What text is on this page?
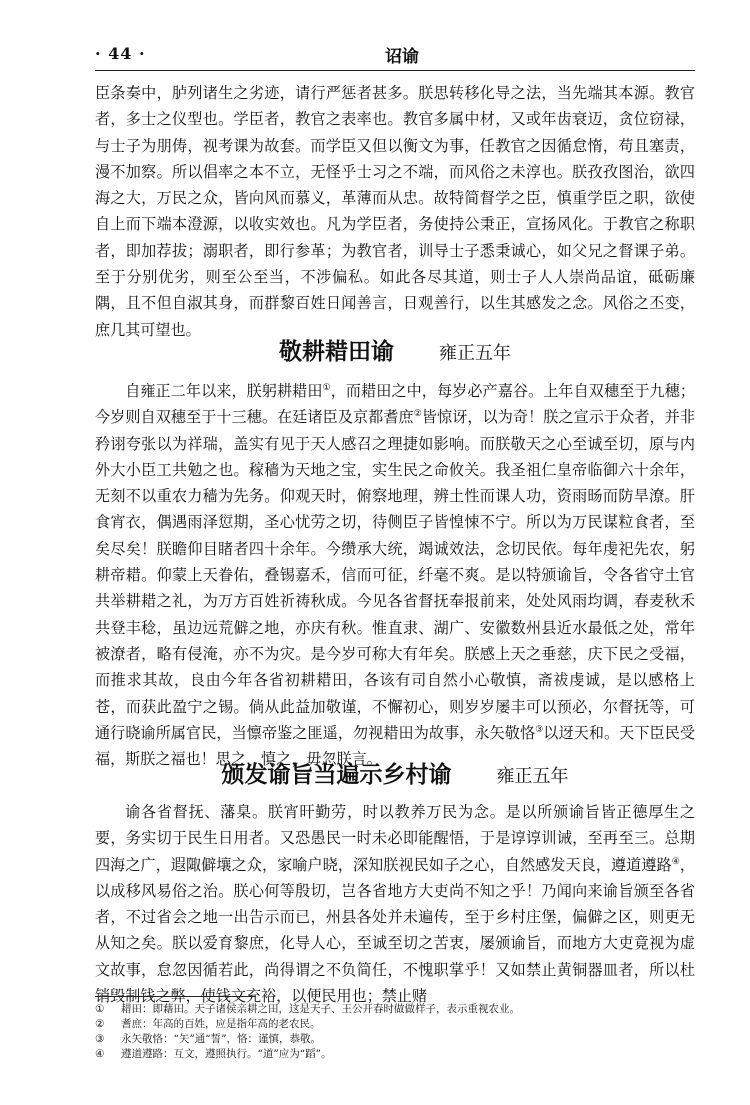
· 44 ·	诏谕

臣条奏中，胪列诸生之劣迹，请行严惩者甚多。朕思转移化导之法，当先端其本源。教官者，多士之仪型也。学臣者，教官之表率也。教官多属中材，又或年齿衰迈，贪位窃禄，与士子为朋俦，视考课为故套。而学臣又但以衡文为事，任教官之因循怠惰，苟且塞责，漫不加察。所以倡率之本不立，无怪乎士习之不端，而风俗之未淳也。朕孜孜图治，欲四海之大，万民之众，皆向风而慕义，革薄而从忠。故特简督学之臣，慎重学臣之职，欲使自上而下端本澄源，以收实效也。凡为学臣者，务使持公秉正，宣扬风化。于教官之称职者，即加荐拔；溺职者，即行参革；为教官者，训导士子悉秉诚心，如父兄之督课子弟。至于分别优劣，则至公至当，不涉偏私。如此各尽其道，则士子人人崇尚品谊，砥砺廉隅，且不但自淑其身，而群黎百姓日闻善言，日观善行，以生其感发之念。风俗之丕变，庶几其可望也。

敬耕耤田谕	雍正五年

自雍正二年以来，朕躬耕耤田①，而耤田之中，每岁必产嘉谷。上年自双穗至于九穗；今岁则自双穗至于十三穗。在廷诸臣及京都耆庶②皆惊讶，以为奇！朕之宣示于众者，并非矜诩夸张以为祥瑞，盖实有见于天人感召之理捷如影响。而朕敬天之心至诚至切，原与内外大小臣工共勉之也。稼穑为天地之宝，实生民之命攸关。我圣祖仁皇帝临御六十余年，无刻不以重农力穑为先务。仰观天时，俯察地理，辨土性而课人功，资雨旸而防旱潦。肝食宵衣，偶遇雨泽愆期，圣心忧劳之切，待侧臣子皆惶悚不宁。所以为万民谋粒食者，至矣尽矣！朕瞻仰目睹者四十余年。今缵承大统，竭诚效法，念切民依。每年虔祀先农，躬耕帝耤。仰蒙上天眷佑，叠锡嘉禾，信而可征，纤毫不爽。是以特颁谕旨，令各省守土官共举耕耤之礼，为万方百姓祈祷秋成。今见各省督抚奉报前来，处处风雨均调，春麦秋禾共登丰稔，虽边远荒僻之地，亦庆有秋。惟直隶、湖广、安徽数州县近水最低之处，常年被潦者，略有侵淹，亦不为灾。是今岁可称大有年矣。朕感上天之垂慈，庆下民之受福，而推求其故，良由今年各省初耕耤田，各该有司自然小心敬慎，斋祓虔诚，是以感格上苍，而获此盈宁之锡。倘从此益加敬谨，不懈初心，则岁岁屡丰可以预必，尔督抚等，可通行晓谕所属官民，当懔帝鉴之匪遥，勿视耤田为故事，永矢敬恪③以迓天和。天下臣民受福，斯朕之福也！思之，慎之，毋忽朕言。

颁发谕旨当遍示乡村谕	雍正五年

谕各省督抚、藩臬。朕宵旰勤劳，时以教养万民为念。是以所颁谕旨皆正德厚生之要，务实切于民生日用者。又恐愚民一时未必即能醒悟，于是谆谆训诫，至再至三。总期四海之广，遐陬僻壤之众，家喻户晓，深知朕视民如子之心，自然感发天良，遵道遵路④，以成移风易俗之治。朕心何等殷切，岂各省地方大吏尚不知之乎！乃闻向来谕旨颁至各省者，不过省会之地一出告示而已，州县各处并未遍传，至于乡村庄堡，偏僻之区，则更无从知之矣。朕以爱育黎庶，化导人心，至诚至切之苦衷，屡颁谕旨，而地方大吏竟视为虚文故事，怠忽因循若此，尚得谓之不负简任，不愧职掌乎！又如禁止黄铜器皿者，所以杜销毁制钱之弊，使钱文充裕，以便民用也；禁止赌

① 耤田：即藉田。天子诸侯亲耕之田，这是天子、王公开春时做做样子，表示重视农业。
② 耆庶：年高的百姓，应是指年高的老农民。
③ 永矢敬恪：“矢”通“誓”，恪：谨慎，恭敬。
④ 遵道遵路：互文，遵照执行。“道”应为“蹈”。
